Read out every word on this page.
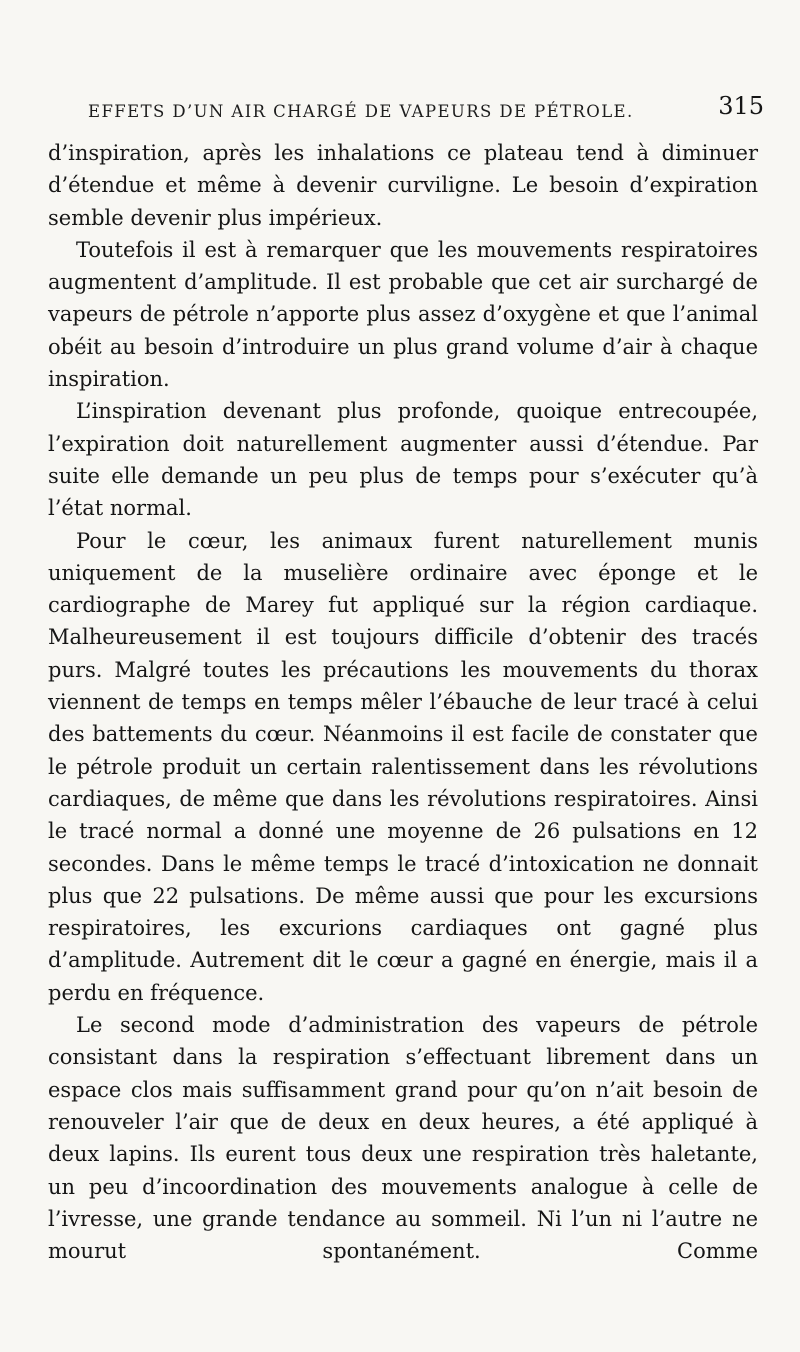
EFFETS D’UN AIR CHARGÉ DE VAPEURS DE PÉTROLE.	315

d’inspiration, après les inhalations ce plateau tend à diminuer d’étendue et même à devenir curviligne. Le besoin d’expiration semble devenir plus impérieux.

Toutefois il est à remarquer que les mouvements respiratoires augmentent d’amplitude. Il est probable que cet air surchargé de vapeurs de pétrole n’apporte plus assez d’oxygène et que l’animal obéit au besoin d’introduire un plus grand volume d’air à chaque inspiration.

L’inspiration devenant plus profonde, quoique entrecoupée, l’expiration doit naturellement augmenter aussi d’étendue. Par suite elle demande un peu plus de temps pour s’exécuter qu’à l’état normal.

Pour le cœur, les animaux furent naturellement munis uniquement de la muselière ordinaire avec éponge et le cardiographe de Marey fut appliqué sur la région cardiaque. Malheureusement il est toujours difficile d’obtenir des tracés purs. Malgré toutes les précautions les mouvements du thorax viennent de temps en temps mêler l’ébauche de leur tracé à celui des battements du cœur. Néanmoins il est facile de constater que le pétrole produit un certain ralentissement dans les révolutions cardiaques, de même que dans les révolutions respiratoires. Ainsi le tracé normal a donné une moyenne de 26 pulsations en 12 secondes. Dans le même temps le tracé d’intoxication ne donnait plus que 22 pulsations. De même aussi que pour les excursions respiratoires, les excurions cardiaques ont gagné plus d’amplitude. Autrement dit le cœur a gagné en énergie, mais il a perdu en fréquence.

Le second mode d’administration des vapeurs de pétrole consistant dans la respiration s’effectuant librement dans un espace clos mais suffisamment grand pour qu’on n’ait besoin de renouveler l’air que de deux en deux heures, a été appliqué à deux lapins. Ils eurent tous deux une respiration très haletante, un peu d’incoordination des mouvements analogue à celle de l’ivresse, une grande tendance au sommeil. Ni l’un ni l’autre ne mourut spontanément. Comme
